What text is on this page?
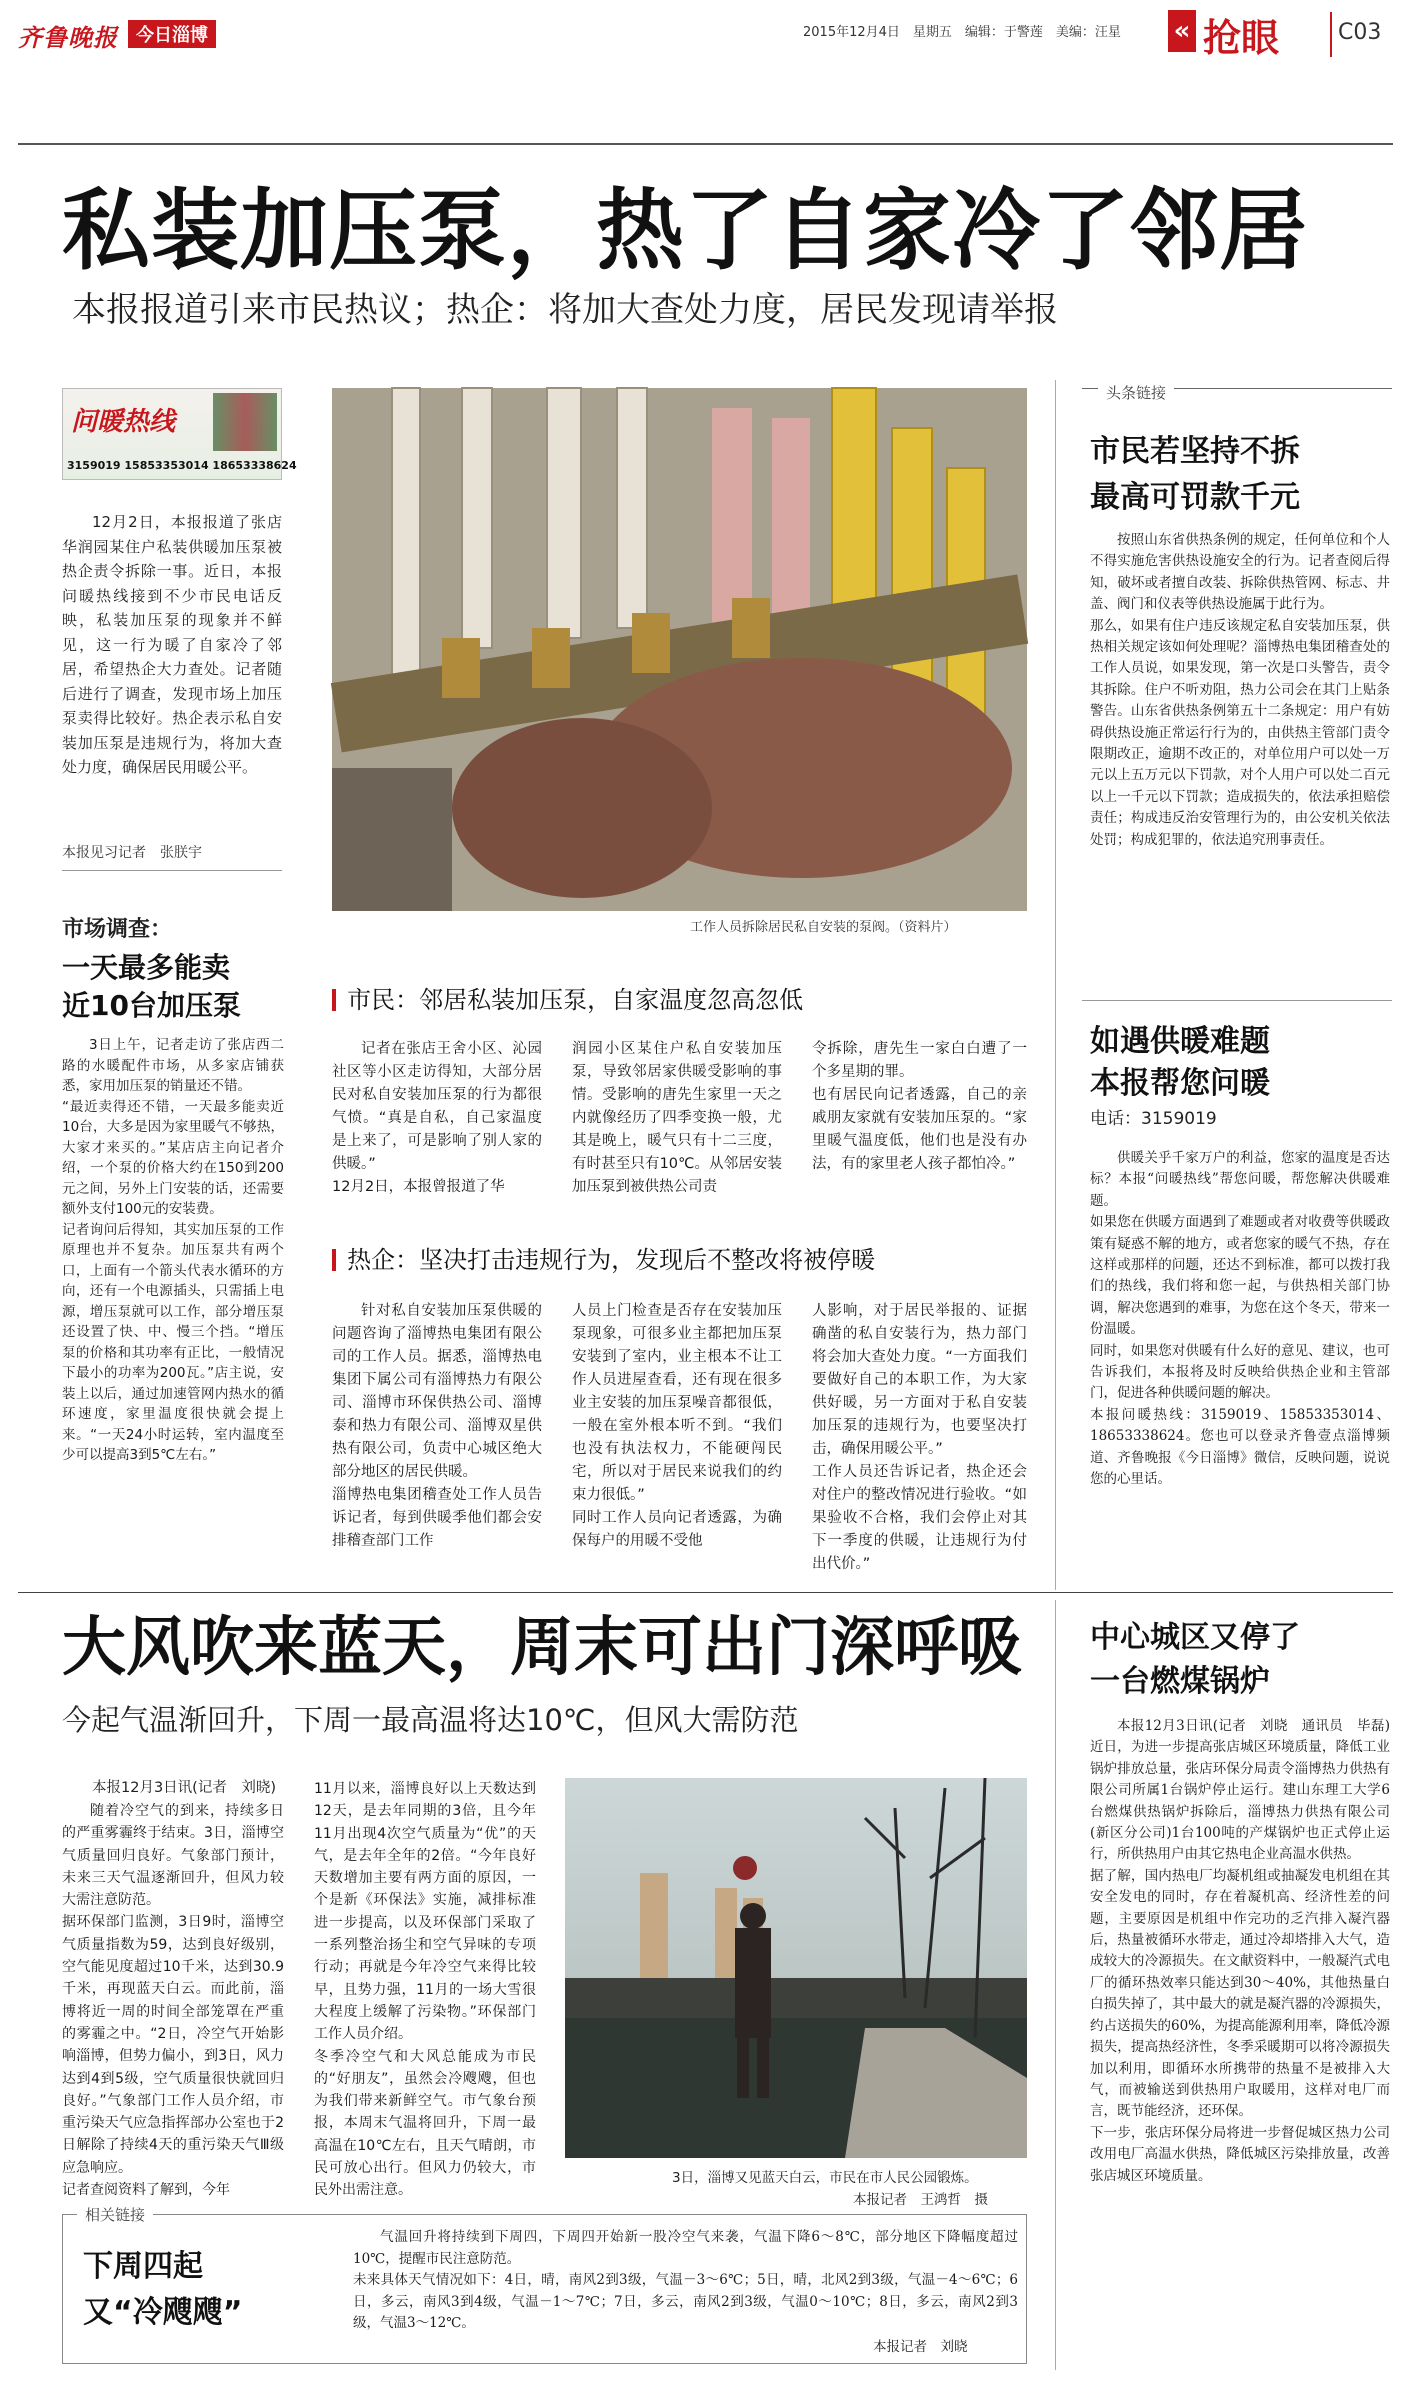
齐鲁晚报	今日淄博	2015年12月4日　星期五　编辑：于警莲　美编：汪星 « 抢眼	C03
私装加压泵，热了自家冷了邻居
本报报道引来市民热议；热企：将加大查处力度，居民发现请举报
问暖热线
3159019 15853353014 18653338624
12月2日，本报报道了张店华润园某住户私装供暖加压泵被热企责令拆除一事。近日，本报问暖热线接到不少市民电话反映，私装加压泵的现象并不鲜见，这一行为暖了自家冷了邻居，希望热企大力查处。记者随后进行了调查，发现市场上加压泵卖得比较好。热企表示私自安装加压泵是违规行为，将加大查处力度，确保居民用暖公平。
本报见习记者　张朕宇
市场调查：
一天最多能卖
近10台加压泵
3日上午，记者走访了张店西二路的水暖配件市场，从多家店铺获悉，家用加压泵的销量还不错。
“最近卖得还不错，一天最多能卖近10台，大多是因为家里暖气不够热，大家才来买的。”某店店主向记者介绍，一个泵的价格大约在150到200元之间，另外上门安装的话，还需要额外支付100元的安装费。
记者询问后得知，其实加压泵的工作原理也并不复杂。加压泵共有两个口，上面有一个箭头代表水循环的方向，还有一个电源插头，只需插上电源，增压泵就可以工作，部分增压泵还设置了快、中、慢三个挡。“增压泵的价格和其功率有正比，一般情况下最小的功率为200瓦。”店主说，安装上以后，通过加速管网内热水的循环速度，家里温度很快就会提上来。“一天24小时运转，室内温度至少可以提高3到5℃左右。”
工作人员拆除居民私自安装的泵阀。（资料片）
市民：邻居私装加压泵，自家温度忽高忽低
记者在张店王舍小区、沁园社区等小区走访得知，大部分居民对私自安装加压泵的行为都很气愤。“真是自私，自己家温度是上来了，可是影响了别人家的供暖。”
12月2日，本报曾报道了华
润园小区某住户私自安装加压泵，导致邻居家供暖受影响的事情。受影响的唐先生家里一天之内就像经历了四季变换一般，尤其是晚上，暖气只有十二三度，有时甚至只有10℃。从邻居安装加压泵到被供热公司责
令拆除，唐先生一家白白遭了一个多星期的罪。
也有居民向记者透露，自己的亲戚朋友家就有安装加压泵的。“家里暖气温度低，他们也是没有办法，有的家里老人孩子都怕冷。”
热企：坚决打击违规行为，发现后不整改将被停暖
针对私自安装加压泵供暖的问题咨询了淄博热电集团有限公司的工作人员。据悉，淄博热电集团下属公司有淄博热力有限公司、淄博市环保供热公司、淄博泰和热力有限公司、淄博双星供热有限公司，负责中心城区绝大部分地区的居民供暖。
淄博热电集团稽查处工作人员告诉记者，每到供暖季他们都会安排稽查部门工作
人员上门检查是否存在安装加压泵现象，可很多业主都把加压泵安装到了室内，业主根本不让工作人员进屋查看，还有现在很多业主安装的加压泵噪音都很低，一般在室外根本听不到。“我们也没有执法权力，不能硬闯民宅，所以对于居民来说我们的约束力很低。”
同时工作人员向记者透露，为确保每户的用暖不受他
人影响，对于居民举报的、证据确凿的私自安装行为，热力部门将会加大查处力度。“一方面我们要做好自己的本职工作，为大家供好暖，另一方面对于私自安装加压泵的违规行为，也要坚决打击，确保用暖公平。”
工作人员还告诉记者，热企还会对住户的整改情况进行验收。“如果验收不合格，我们会停止对其下一季度的供暖，让违规行为付出代价。”
头条链接
市民若坚持不拆
最高可罚款千元
按照山东省供热条例的规定，任何单位和个人不得实施危害供热设施安全的行为。记者查阅后得知，破坏或者擅自改装、拆除供热管网、标志、井盖、阀门和仪表等供热设施属于此行为。
那么，如果有住户违反该规定私自安装加压泵，供热相关规定该如何处理呢？淄博热电集团稽查处的工作人员说，如果发现，第一次是口头警告，责令其拆除。住户不听劝阻，热力公司会在其门上贴条警告。山东省供热条例第五十二条规定：用户有妨碍供热设施正常运行行为的，由供热主管部门责令限期改正，逾期不改正的，对单位用户可以处一万元以上五万元以下罚款，对个人用户可以处二百元以上一千元以下罚款；造成损失的，依法承担赔偿责任；构成违反治安管理行为的，由公安机关依法处罚；构成犯罪的，依法追究刑事责任。
如遇供暖难题
本报帮您问暖
电话：3159019
供暖关乎千家万户的利益，您家的温度是否达标？本报“问暖热线”帮您问暖，帮您解决供暖难题。
如果您在供暖方面遇到了难题或者对收费等供暖政策有疑惑不解的地方，或者您家的暖气不热，存在这样或那样的问题，还达不到标准，都可以拨打我们的热线，我们将和您一起，与供热相关部门协调，解决您遇到的难事，为您在这个冬天，带来一份温暖。
同时，如果您对供暖有什么好的意见、建议，也可告诉我们，本报将及时反映给供热企业和主管部门，促进各种供暖问题的解决。
本报问暖热线：3159019、15853353014、18653338624。您也可以登录齐鲁壹点淄博频道、齐鲁晚报《今日淄博》微信，反映问题，说说您的心里话。
大风吹来蓝天，周末可出门深呼吸
今起气温渐回升，下周一最高温将达10℃，但风大需防范
本报12月3日讯(记者　刘晓)
随着冷空气的到来，持续多日的严重雾霾终于结束。3日，淄博空气质量回归良好。气象部门预计，未来三天气温逐渐回升，但风力较大需注意防范。
据环保部门监测，3日9时，淄博空气质量指数为59，达到良好级别，空气能见度超过10千米，达到30.9千米，再现蓝天白云。而此前，淄博将近一周的时间全部笼罩在严重的雾霾之中。“2日，冷空气开始影响淄博，但势力偏小，到3日，风力达到4到5级，空气质量很快就回归良好。”气象部门工作人员介绍，市重污染天气应急指挥部办公室也于2日解除了持续4天的重污染天气Ⅲ级应急响应。
记者查阅资料了解到，今年
11月以来，淄博良好以上天数达到12天，是去年同期的3倍，且今年11月出现4次空气质量为“优”的天气，是去年全年的2倍。“今年良好天数增加主要有两方面的原因，一个是新《环保法》实施，减排标准进一步提高，以及环保部门采取了一系列整治扬尘和空气异味的专项行动；再就是今年冷空气来得比较早，且势力强，11月的一场大雪很大程度上缓解了污染物。”环保部门工作人员介绍。
冬季冷空气和大风总能成为市民的“好朋友”，虽然会冷飕飕，但也为我们带来新鲜空气。市气象台预报，本周末气温将回升，下周一最高温在10℃左右，且天气晴朗，市民可放心出行。但风力仍较大，市民外出需注意。
3日，淄博又见蓝天白云，市民在市人民公园锻炼。
本报记者　王鸿哲　摄
相关链接
下周四起
又“冷飕飕”
气温回升将持续到下周四，下周四开始新一股冷空气来袭，气温下降6～8℃，部分地区下降幅度超过10℃，提醒市民注意防范。
未来具体天气情况如下：4日，晴，南风2到3级，气温－3～6℃；5日，晴，北风2到3级，气温－4～6℃；6日，多云，南风3到4级，气温－1～7℃；7日，多云，南风2到3级，气温0～10℃；8日，多云，南风2到3级，气温3～12℃。
本报记者　刘晓
中心城区又停了
一台燃煤锅炉
本报12月3日讯(记者　刘晓　通讯员　毕磊)　近日，为进一步提高张店城区环境质量，降低工业锅炉排放总量，张店环保分局责令淄博热力供热有限公司所属1台锅炉停止运行。建山东理工大学6台燃煤供热锅炉拆除后，淄博热力供热有限公司(新区分公司)1台100吨的产煤锅炉也正式停止运行，所供热用户由其它热电企业高温水供热。
据了解，国内热电厂均凝机组或抽凝发电机组在其安全发电的同时，存在着凝机高、经济性差的问题，主要原因是机组中作完功的乏汽排入凝汽器后，热量被循环水带走，通过冷却塔排入大气，造成较大的冷源损失。在文献资料中，一般凝汽式电厂的循环热效率只能达到30～40%，其他热量白白损失掉了，其中最大的就是凝汽器的冷源损失，约占送损失的60%，为提高能源利用率，降低冷源损失，提高热经济性，冬季采暖期可以将冷源损失加以利用，即循环水所携带的热量不是被排入大气，而被输送到供热用户取暖用，这样对电厂而言，既节能经济，还环保。
下一步，张店环保分局将进一步督促城区热力公司改用电厂高温水供热，降低城区污染排放量，改善张店城区环境质量。
